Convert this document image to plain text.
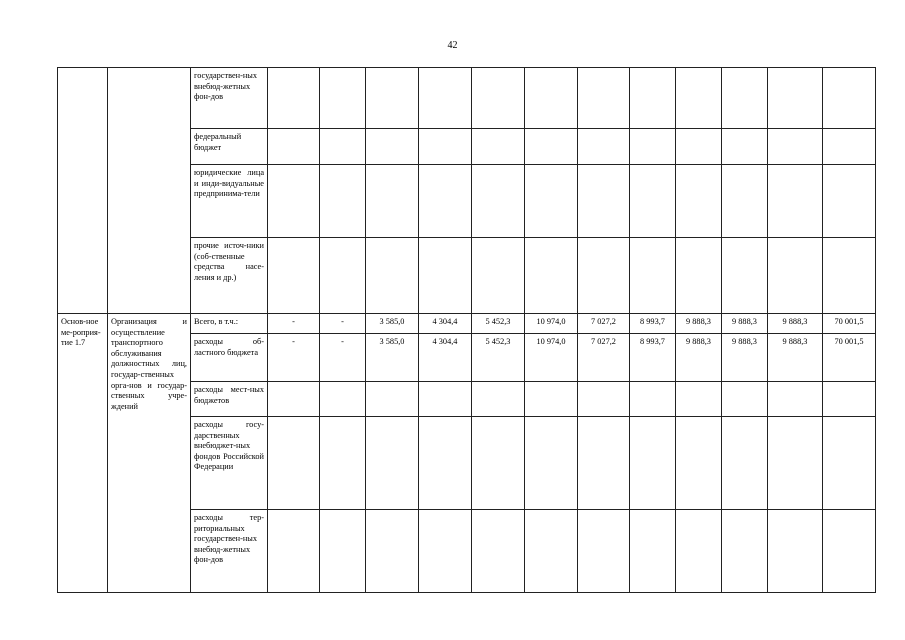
42
		государствен-ных внебюд-жетных фон-дов												
		федеральный бюджет												
		юридические лица и инди-видуальные предпринима-тели												
		прочие источ-ники (соб-ственные средства насе-ления и др.)												
Основ-ное ме-роприя-тие 1.7	Организация и осуществление транспортного обслуживания должностных лиц, государ-ственных орга-нов и государ-ственных учре-ждений	Всего, в т.ч.:	-	-	3 585,0	4 304,4	5 452,3	10 974,0	7 027,2	8 993,7	9 888,3	9 888,3	9 888,3	70 001,5
		расходы об-ластного бюджета	-	-	3 585,0	4 304,4	5 452,3	10 974,0	7 027,2	8 993,7	9 888,3	9 888,3	9 888,3	70 001,5
		расходы мест-ных бюджетов												
		расходы госу-дарственных внебюджет-ных фондов Российской Федерации												
		расходы тер-риториальных государствен-ных внебюд-жетных фон-дов												
